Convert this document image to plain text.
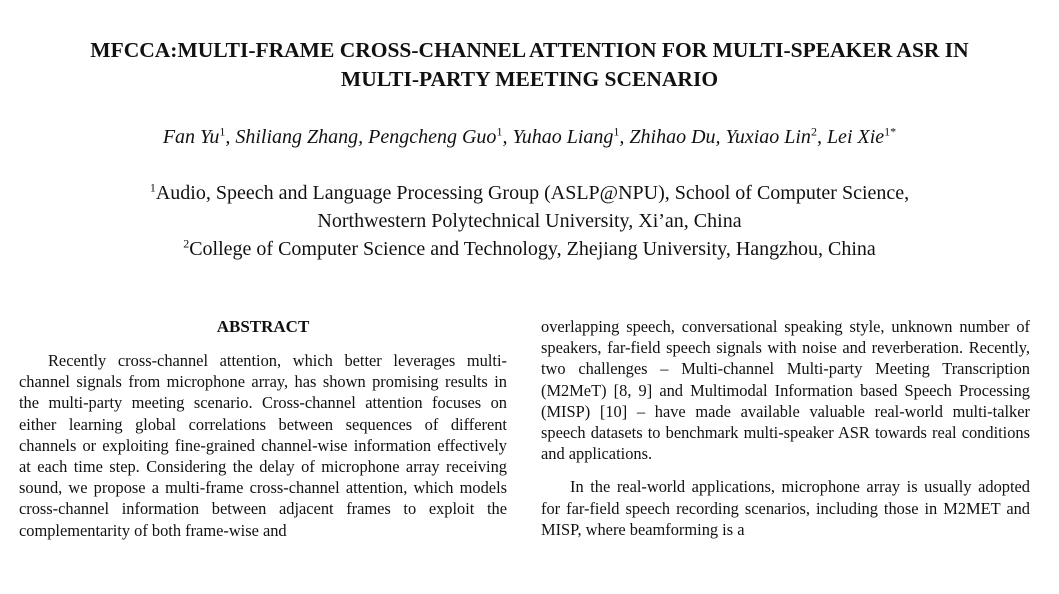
MFCCA:MULTI-FRAME CROSS-CHANNEL ATTENTION FOR MULTI-SPEAKER ASR IN
MULTI-PARTY MEETING SCENARIO
Fan Yu$^1$, Shiliang Zhang, Pengcheng Guo$^1$, Yuhao Liang$^1$, Zhihao Du, Yuxiao Lin$^2$, Lei Xie$^{1*}$
$^1$Audio, Speech and Language Processing Group (ASLP@NPU), School of Computer Science,
Northwestern Polytechnical University, Xi’an, China
$^2$College of Computer Science and Technology, Zhejiang University, Hangzhou, China
ABSTRACT

Recently cross-channel attention, which better leverages multi-channel signals from microphone array, has shown promising results in the multi-party meeting scenario. Cross-channel attention focuses on either learning global correlations between sequences of different channels or exploiting fine-grained channel-wise information effectively at each time step. Considering the delay of microphone array receiving sound, we propose a multi-frame cross-channel attention, which models cross-channel information between adjacent frames to exploit the complementarity of both frame-wise and

overlapping speech, conversational speaking style, unknown number of speakers, far-field speech signals with noise and reverberation. Recently, two challenges – Multi-channel Multi-party Meeting Transcription (M2MeT) [8, 9] and Multimodal Information based Speech Processing (MISP) [10] – have made available valuable real-world multi-talker speech datasets to benchmark multi-speaker ASR towards real conditions and applications.

In the real-world applications, microphone array is usually adopted for far-field speech recording scenarios, including those in M2MET and MISP, where beamforming is a
